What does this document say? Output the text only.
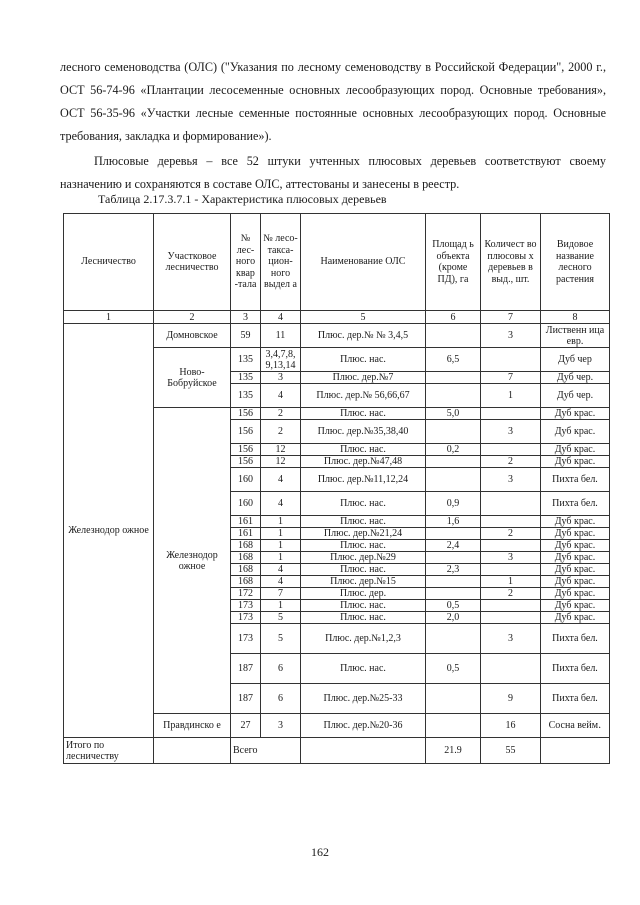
лесного семеноводства (ОЛС) ("Указания по лесному семеноводству в Российской Федерации", 2000 г., ОСТ 56-74-96 «Плантации лесосеменные основных лесообразующих пород. Основные требования», ОСТ 56-35-96 «Участки лесные семенные постоянные основных лесообразующих пород. Основные требования, закладка и формирование»).

Плюсовые деревья – все 52 штуки учтенных плюсовых деревьев соответствуют своему назначению и сохраняются в составе ОЛС, аттестованы и занесены в реестр.

Таблица 2.17.3.7.1 - Характеристика плюсовых деревьев

Лесничество	Участковое лесничество	№ лес-ного квар -тала	№ лесо-такса-цион-ного выдел а	Наименование ОЛС	Площад ь объекта (кроме ПД), га	Количест во плюсовы х деревьев в выд., шт.	Видовое название лесного растения
1	2	3	4	5	6	7	8
Железнодор ожное	Домновское	59	11	Плюс. дер.№ № 3,4,5		3	Лиственн ица евр.
	Ново-Бобруйское	135	3,4,7,8, 9,13,14	Плюс. нас.	6,5		Дуб чер
		135	3	Плюс. дер.№7		7	Дуб чер.
		135	4	Плюс. дер.№ 56,66,67		1	Дуб чер.
	Железнодор ожное	156	2	Плюс. нас.	5,0		Дуб крас.
		156	2	Плюс. дер.№35,38,40		3	Дуб крас.
		156	12	Плюс. нас.	0,2		Дуб крас.
		156	12	Плюс. дер.№47,48		2	Дуб крас.
		160	4	Плюс. дер.№11,12,24		3	Пихта бел.
		160	4	Плюс. нас.	0,9		Пихта бел.
		161	1	Плюс. нас.	1,6		Дуб крас.
		161	1	Плюс. дер.№21,24		2	Дуб крас.
		168	1	Плюс. нас.	2,4		Дуб крас.
		168	1	Плюс. дер.№29		3	Дуб крас.
		168	4	Плюс. нас.	2,3		Дуб крас.
		168	4	Плюс. дер.№15		1	Дуб крас.
		172	7	Плюс. дер.		2	Дуб крас.
		173	1	Плюс. нас.	0,5		Дуб крас.
		173	5	Плюс. нас.	2,0		Дуб крас.
		173	5	Плюс. дер.№1,2,3		3	Пихта бел.
		187	6	Плюс. нас.	0,5		Пихта бел.
		187	6	Плюс. дер.№25-33		9	Пихта бел.
	Правдинско е	27	3	Плюс. дер.№20-36		16	Сосна вейм․
Итого по лесничеству		Всего			21.9	55	

162
